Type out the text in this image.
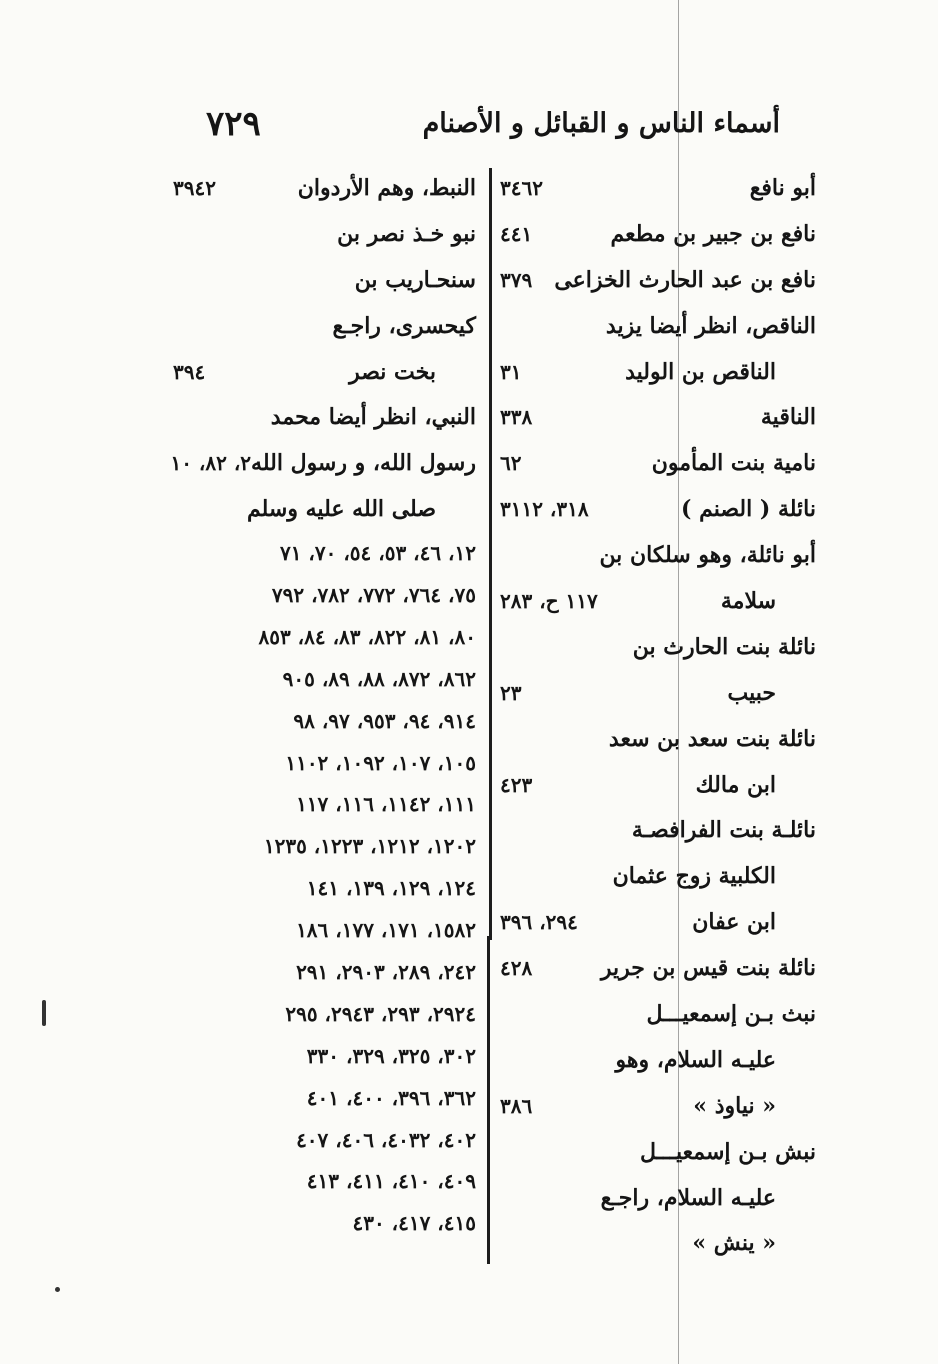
٧٢٩	أسماء الناس و القبائل و الأصنام
أبو نافع
٣٤٦٢
نافع بن جبير بن مطعم
٤٤١
نافع بن عبد الحارث الخزاعی
٣٧٩
الناقص، انظر أيضا يزيد
الناقص بن الوليد
٣١
الناقية
٣٣٨
نامية بنت المأمون
٦٢
نائلة ( الصنم )
٣١٨، ٣١١٢
أبو نائلة، وهو سلكان بن
سلامة
١١٧ ح، ٢٨٣
نائلة بنت الحارث بن
حبيب
٢٣
نائلة بنت سعد بن سعد
ابن مالك
٤٢٣
نائلـة بنت الفرافصـة
الكلبية زوج عثمان
ابن عفان
٢٩٤، ٣٩٦
نائلة بنت قيس بن جرير
٤٢٨
نبث بـن إسمعيـــل
عليـه السلام، وهو
« نياوذ »
٣٨٦
نبش بـن إسمعيـــل
عليـه السلام، راجـع
« ينش »
النبط، وهم الأردوان
٣٩٤٢
نبو خـذ نصر بن
سنحـاريب بن
كيحسری، راجـع
بخت نصر
٣٩٤
النبي، انظر أيضا محمد
رسول الله، و رسول الله
٢، ٨٢، ١٠
صلى الله عليه وسلم
١٢، ٤٦، ٥٣، ٥٤، ٧٠، ٧١
٧٥، ٧٦٤، ٧٧٢، ٧٨٢، ٧٩٢
٨٠، ٨١، ٨٢٢، ٨٣، ٨٤، ٨٥٣
٨٦٢، ٨٧٢، ٨٨، ٨٩، ٩٠٥
٩١٤، ٩٤، ٩٥٣، ٩٧، ٩٨
١٠٥، ١٠٧، ١٠٩٢، ١١٠٢
١١١، ١١٤٢، ١١٦، ١١٧
١٢٠٢، ١٢١٢، ١٢٢٣، ١٢٣٥
١٢٤، ١٢٩، ١٣٩، ١٤١
١٥٨٢، ١٧١، ١٧٧، ١٨٦
٢٤٢، ٢٨٩، ٢٩٠٣، ٢٩١
٢٩٢٤، ٢٩٣، ٢٩٤٣، ٢٩٥
٣٠٢، ٣٢٥، ٣٢٩، ٣٣٠
٣٦٢، ٣٩٦، ٤٠٠، ٤٠١
٤٠٢، ٤٠٣٢، ٤٠٦، ٤٠٧
٤٠٩، ٤١٠، ٤١١، ٤١٣
٤١٥، ٤١٧، ٤٣٠
